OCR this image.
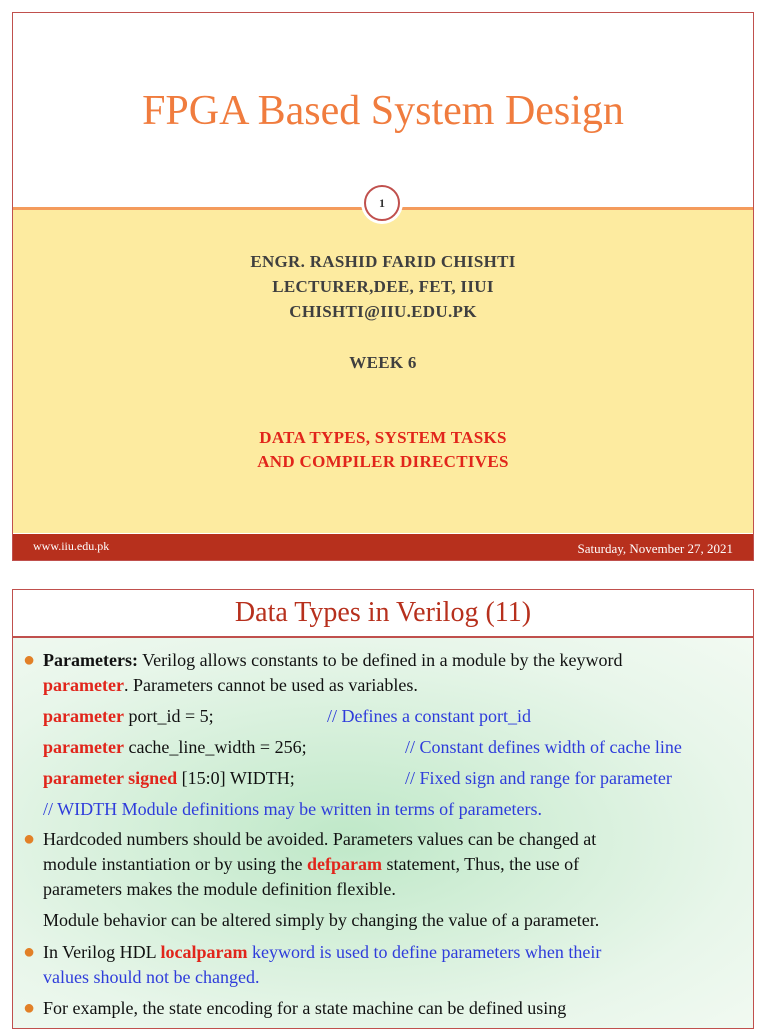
FPGA Based System Design
ENGR. RASHID FARID CHISHTI
LECTURER,DEE, FET, IIUI
CHISHTI@IIU.EDU.PK
WEEK 6
DATA TYPES, SYSTEM TASKS
AND COMPILER DIRECTIVES
1
www.iiu.edu.pk	Saturday, November 27, 2021
Data Types in Verilog (11)
● Parameters: Verilog allows constants to be defined in a module by the keyword
parameter. Parameters cannot be used as variables.
parameter port_id = 5;	// Defines a constant port_id
parameter cache_line_width = 256;	// Constant defines width of cache line
parameter signed [15:0] WIDTH;	// Fixed sign and range for parameter
// WIDTH Module definitions may be written in terms of parameters.
● Hardcoded numbers should be avoided. Parameters values can be changed at
module instantiation or by using the defparam statement, Thus, the use of
parameters makes the module definition flexible.
Module behavior can be altered simply by changing the value of a parameter.
● In Verilog HDL localparam keyword is used to define parameters when their
values should not be changed.
● For example, the state encoding for a state machine can be defined using
